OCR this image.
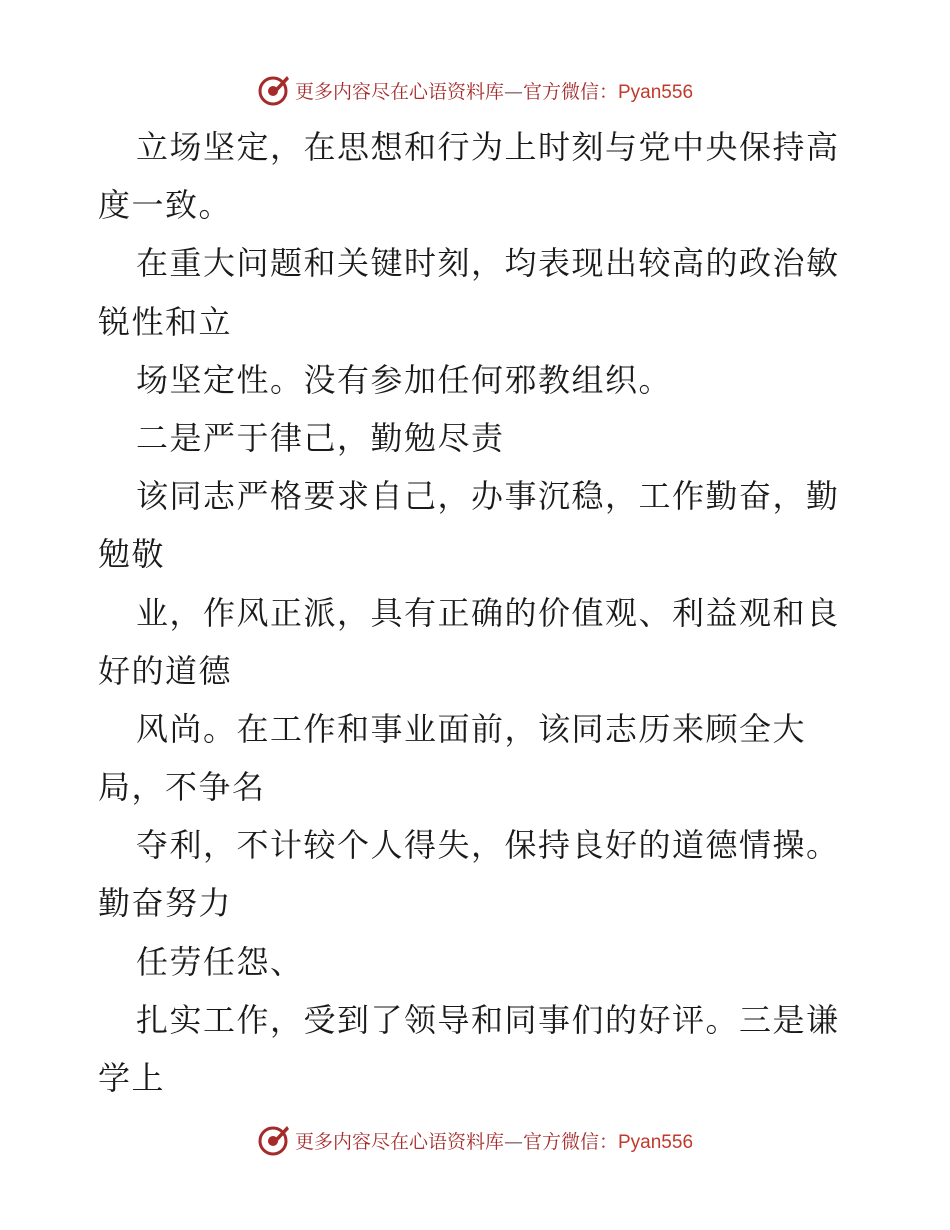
更多内容尽在心语资料库—官方微信：Pyan556
立场坚定，在思想和行为上时刻与党中央保持高
度一致。
在重大问题和关键时刻，均表现出较高的政治敏
锐性和立
场坚定性。没有参加任何邪教组织。
二是严于律己，勤勉尽责
该同志严格要求自己，办事沉稳，工作勤奋，勤
勉敬
业，作风正派，具有正确的价值观、利益观和良
好的道德
风尚。在工作和事业面前，该同志历来顾全大
局，不争名
夺利，不计较个人得失，保持良好的道德情操。
勤奋努力
任劳任怨、
扎实工作，受到了领导和同事们的好评。三是谦
学上
更多内容尽在心语资料库—官方微信：Pyan556
